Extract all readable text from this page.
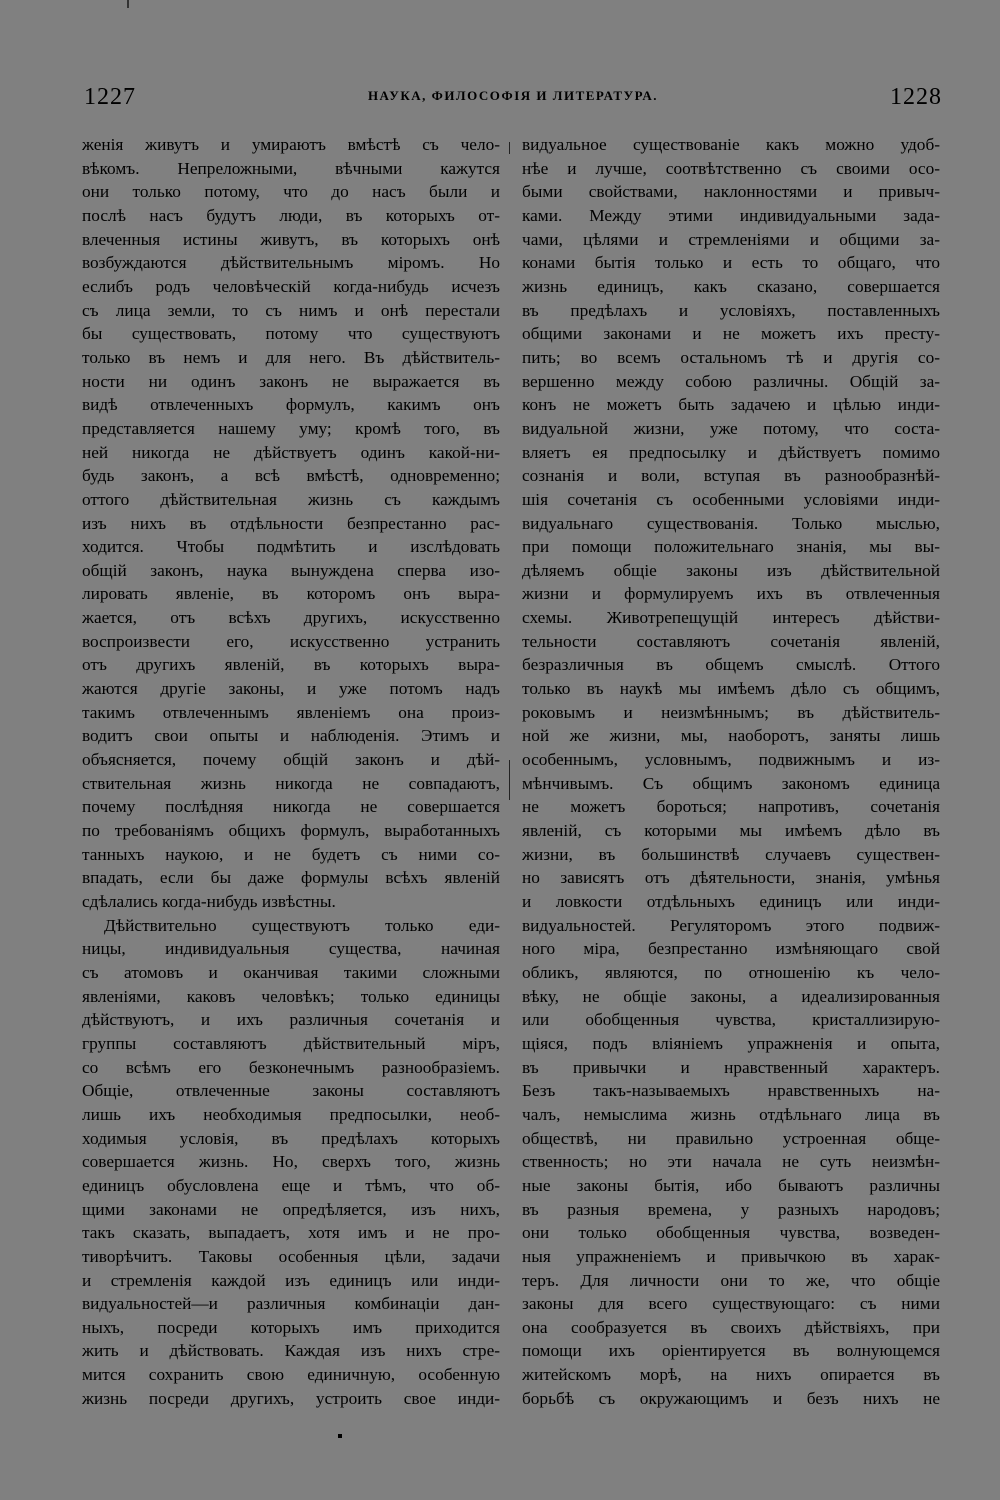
1227	НАУКА, ФИЛОСОФІЯ И ЛИТЕРАТУРА.	1228
женія живутъ и умираютъ вмѣстѣ съ чело-
вѣкомъ. Непреложными, вѣчными кажутся
они только потому, что до насъ были и
послѣ насъ будутъ люди, въ которыхъ от-
влеченныя истины живутъ, въ которыхъ онѣ
возбуждаются дѣйствительнымъ міромъ. Но
еслибъ родъ человѣческій когда-нибудь исчезъ
съ лица земли, то съ нимъ и онѣ перестали
бы существовать, потому что существуютъ
только въ немъ и для него. Въ дѣйствитель-
ности ни одинъ законъ не выражается въ
видѣ отвлеченныхъ формулъ, какимъ онъ
представляется нашему уму; кромѣ того, въ
ней никогда не дѣйствуетъ одинъ какой-ни-
будь законъ, а всѣ вмѣстѣ, одновременно;
оттого дѣйствительная жизнь съ каждымъ
изъ нихъ въ отдѣльности безпрестанно рас-
ходится. Чтобы подмѣтить и изслѣдовать
общій законъ, наука вынуждена сперва изо-
лировать явленіе, въ которомъ онъ выра-
жается, отъ всѣхъ другихъ, искусственно
воспроизвести его, искусственно устранить
отъ другихъ явленій, въ которыхъ выра-
жаются другіе законы, и уже потомъ надъ
такимъ отвлеченнымъ явленіемъ она произ-
водитъ свои опыты и наблюденія. Этимъ и
объясняется, почему общій законъ и дѣй-
ствительная жизнь никогда не совпадаютъ,
почему послѣдняя никогда не совершается
по требованіямъ общихъ формулъ, выработанныхъ
танныхъ наукою, и не будетъ съ ними со-
впадать, если бы даже формулы всѣхъ явленій
сдѣлались когда-нибудь извѣстны.
Дѣйствительно существуютъ только еди-
ницы, индивидуальныя существа, начиная
съ атомовъ и оканчивая такими сложными
явленіями, каковъ человѣкъ; только единицы
дѣйствуютъ, и ихъ различныя сочетанія и
группы составляютъ дѣйствительный міръ,
со всѣмъ его безконечнымъ разнообразіемъ.
Общіе, отвлеченные законы составляютъ
лишь ихъ необходимыя предпосылки, необ-
ходимыя условія, въ предѣлахъ которыхъ
совершается жизнь. Но, сверхъ того, жизнь
единицъ обусловлена еще и тѣмъ, что об-
щими законами не опредѣляется, изъ нихъ,
такъ сказать, выпадаетъ, хотя имъ и не про-
тиворѣчитъ. Таковы особенныя цѣли, задачи
и стремленія каждой изъ единицъ или инди-
видуальностей—и различныя комбинаціи дан-
ныхъ, посреди которыхъ имъ приходится
жить и дѣйствовать. Каждая изъ нихъ стре-
мится сохранить свою единичную, особенную
жизнь посреди другихъ, устроить свое инди-
видуальное существованіе какъ можно удоб-
нѣе и лучше, соотвѣтственно съ своими осо-
быми свойствами, наклонностями и привыч-
ками. Между этими индивидуальными зада-
чами, цѣлями и стремленіями и общими за-
конами бытія только и есть то общаго, что
жизнь единицъ, какъ сказано, совершается
въ предѣлахъ и условіяхъ, поставленныхъ
общими законами и не можетъ ихъ престу-
пить; во всемъ остальномъ тѣ и другія со-
вершенно между собою различны. Общій за-
конъ не можетъ быть задачею и цѣлью инди-
видуальной жизни, уже потому, что соста-
вляетъ ея предпосылку и дѣйствуетъ помимо
сознанія и воли, вступая въ разнообразнѣй-
шія сочетанія съ особенными условіями инди-
видуальнаго существованія. Только мыслью,
при помощи положительнаго знанія, мы вы-
дѣляемъ общіе законы изъ дѣйствительной
жизни и формулируемъ ихъ въ отвлеченныя
схемы. Животрепещущій интересъ дѣйстви-
тельности составляютъ сочетанія явленій,
безразличныя въ общемъ смыслѣ. Оттого
только въ наукѣ мы имѣемъ дѣло съ общимъ,
роковымъ и неизмѣннымъ; въ дѣйствитель-
ной же жизни, мы, наоборотъ, заняты лишь
особеннымъ, условнымъ, подвижнымъ и из-
мѣнчивымъ. Съ общимъ закономъ единица
не можетъ бороться; напротивъ, сочетанія
явленій, съ которыми мы имѣемъ дѣло въ
жизни, въ большинствѣ случаевъ существен-
но зависятъ отъ дѣятельности, знанія, умѣнья
и ловкости отдѣльныхъ единицъ или инди-
видуальностей. Регуляторомъ этого подвиж-
ного міра, безпрестанно измѣняющаго свой
обликъ, являются, по отношенію къ чело-
вѣку, не общіе законы, а идеализированныя
или обобщенныя чувства, кристаллизирую-
щіяся, подъ вліяніемъ упражненія и опыта,
въ привычки и нравственный характеръ.
Безъ такъ-называемыхъ нравственныхъ на-
чалъ, немыслима жизнь отдѣльнаго лица въ
обществѣ, ни правильно устроенная обще-
ственность; но эти начала не суть неизмѣн-
ные законы бытія, ибо бываютъ различны
въ разныя времена, у разныхъ народовъ;
они только обобщенныя чувства, возведен-
ныя упражненіемъ и привычкою въ харак-
теръ. Для личности они то же, что общіе
законы для всего существующаго: съ ними
она сообразуется въ своихъ дѣйствіяхъ, при
помощи ихъ оріентируется въ волнующемся
житейскомъ морѣ, на нихъ опирается въ
борьбѣ съ окружающимъ и безъ нихъ не
